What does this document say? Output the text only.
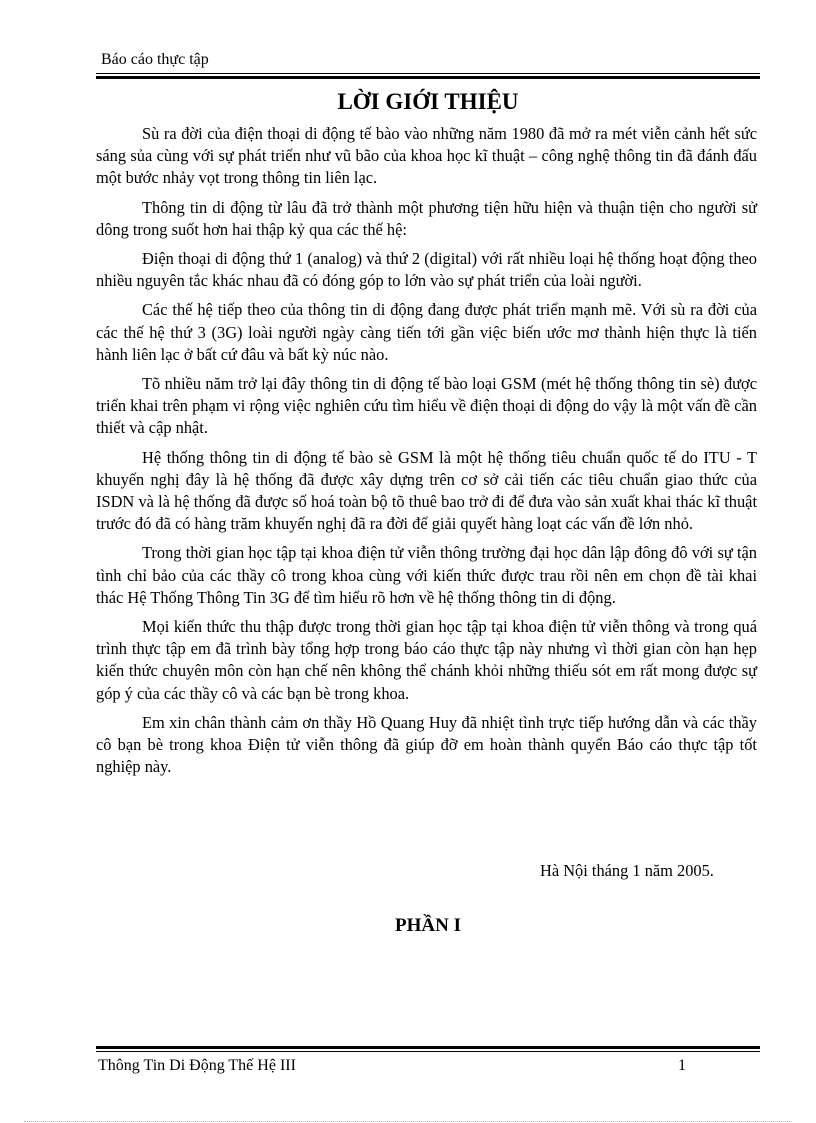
Báo cáo thực tập
LỜI GIỚI THIỆU

Sù ra đời của điện thoại di động tế bào vào những năm 1980 đã mở ra mét viễn cảnh hết sức sáng sủa cùng với sự phát triển như vũ bão của khoa học kĩ thuật – công nghệ thông tin đã đánh đấu một bước nhảy vọt trong thông tin liên lạc.

Thông tin di động từ lâu đã trở thành một phương tiện hữu hiện và thuận tiện cho người sử dông trong suốt hơn hai thập kỷ qua các thế hệ:

Điện thoại di động thứ 1 (analog) và thứ 2 (digital) với rất nhiều loại hệ thống hoạt động theo nhiều nguyên tắc khác nhau đã có đóng góp to lớn vào sự phát triển của loài người.

Các thế hệ tiếp theo của thông tin di động đang được phát triển mạnh mẽ. Với sù ra đời của các thế hệ thứ 3 (3G) loài người ngày càng tiến tới gần việc biến ước mơ thành hiện thực là tiến hành liên lạc ở bất cứ đâu và bất kỳ núc nào.

Tõ nhiều năm trở lại đây thông tin di động tế bào loại GSM (mét hệ thống thông tin sè) được triển khai trên phạm vi rộng việc nghiên cứu tìm hiểu về điện thoại di động do vậy là một vấn đề cần thiết và cập nhật.

Hệ thống thông tin di động tế bào sè GSM là một hệ thống tiêu chuẩn quốc tế do ITU - T khuyến nghị đây là hệ thống đã được xây dựng trên cơ sở cải tiến các tiêu chuẩn giao thức của ISDN và là hệ thống đã được số hoá toàn bộ tõ thuê bao trở đi để đưa vào sản xuất khai thác kĩ thuật trước đó đã có hàng trăm khuyến nghị đã ra đời để giải quyết hàng loạt các vấn đề lớn nhỏ.

Trong thời gian học tập tại khoa điện tử viễn thông trường đại học dân lập đông đô với sự tận tình chỉ bảo của các thầy cô trong khoa cùng với kiến thức được trau rồi nên em chọn đề tài khai thác Hệ Thống Thông Tin 3G để tìm hiểu rõ hơn về hệ thống thông tin di động.

Mọi kiến thức thu thập được trong thời gian học tập tại khoa điện tử viễn thông và trong quá trình thực tập em đã trình bày tổng hợp trong báo cáo thực tập này nhưng vì thời gian còn hạn hẹp kiến thức chuyên môn còn hạn chế nên không thể chánh khỏi những thiếu sót em rất mong được sự góp ý của các thầy cô và các bạn bè trong khoa.

Em xin chân thành cảm ơn thầy Hồ Quang Huy đã nhiệt tình trực tiếp hướng dẫn và các thầy cô bạn bè trong khoa Điện tử viễn thông đã giúp đỡ em hoàn thành quyển Báo cáo thực tập tốt nghiệp này.

Hà Nội tháng 1 năm 2005.
PHẦN I
Thông Tin Di Động Thế Hệ III	1
